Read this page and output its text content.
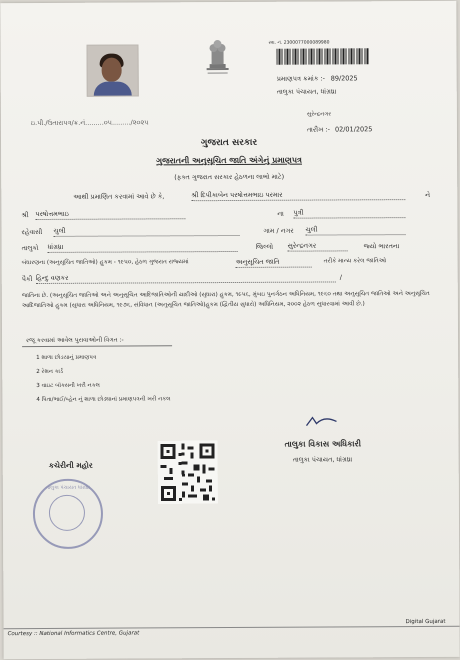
સ્વા. નં. 2300077000089980
પ્રમાણપત્ર ક્રમાંક :- 89/2025
તાલુકા પંચાયત, ધાંગ્રધ્રા
ઇ.પી./ઉતારાપત્ર/ક્ર.નં.........૦૫........./૨૦૨૫
સુરેન્દ્રનગર
તારીખ :- 02/01/2025
ગુજરાત સરકાર
ગુજરાતની અનુસૂચિત જાતિ અંગેનું પ્રમાણપત્ર
(ફક્ત ગુજરાત સરકાર હેઠળના લાભો માટે)
આથી પ્રમાણિત કરવામાં આવે છે કે,	શ્રી દિપીકાબેન પરષોત્તમભાઇ પરમાર	ને
શ્રી પરષોત્તમભાઇ	ના પુત્રી
રહેવાસી ચુલી	ગામ / નગર ચુલી
તાલુકો ધાંગ્રધ્રા	જિલ્લો સુરેન્દ્રનગર	જ્યો ભારતના
બંધારણના (અનુસૂચિત જાતિઓ) હુકમ - ૧૯૫૦, હેઠળ ગુજરાત રાજ્યમાં	અનુસૂચિત જાતિ	તરીકે માન્ય કરેલ જાતિઓ
પૈકી હિન્દુ વણકર	/
જાતિના છે. (અનુસૂચિત જાતિઓ અને અનુસૂચિત આદિજાતિઓની યાદીઓ (સુધારા) હુકમ, ૧૯૫૬, મુંબઇ પુનર્ગઠન અધિનિયમ, ૧૯૬૦ તથા અનુસૂચિત જાતિઓ અને અનુસૂચિત આદિજાતિઓ હુકમ (સુધારા અધિનિયમ, ૧૯૭૬, સંવિધાન (અનુસૂચિત જાતિઓ)હુકમ (દ્વિતીય સુધારો) અધિનિયમ, ૨૦૦૨ હેઠળ સુધારવામાં આવી છે.)
રજૂ કરવામાં આવેલ પુરાવાઓની વિગત :-
1 શાળા છોડયાનું પ્રમાણપત્ર
2 રેશન કાર્ડ
3 વાઇટ બૉક્સની ખરી નકલ
4 પિતા/ભાઈ/બ્હેન નું શાળા છોડ્યાનાં પ્રમાણપત્રની ખરી નકલ
તાલુકા વિકાસ અધિકારી
તાલુકા પંચાયત, ધાંગ્રધ્રા
કચેરીની મહોર
તાલુકા પંચાયત ધાંગ્રધ્રા
Courtesy :: National Informatics Centre, Gujarat
Digital Gujarat
